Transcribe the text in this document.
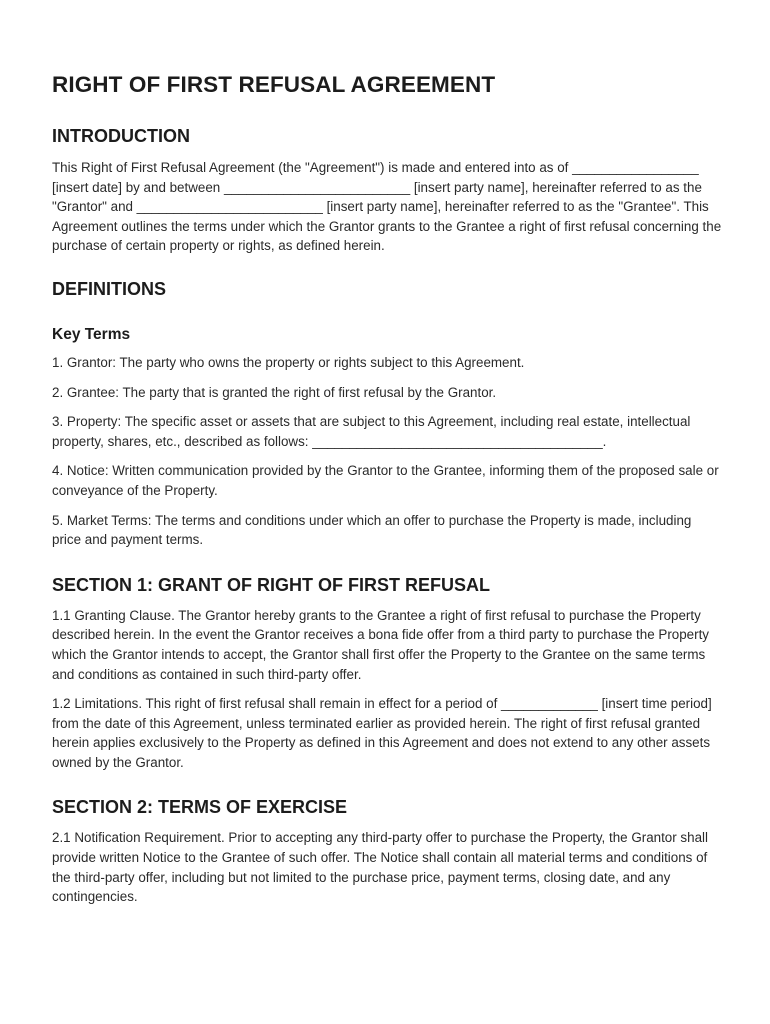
RIGHT OF FIRST REFUSAL AGREEMENT
INTRODUCTION

This Right of First Refusal Agreement (the "Agreement") is made and entered into as of _________________ [insert date] by and between _________________________ [insert party name], hereinafter referred to as the "Grantor" and _________________________ [insert party name], hereinafter referred to as the "Grantee". This Agreement outlines the terms under which the Grantor grants to the Grantee a right of first refusal concerning the purchase of certain property or rights, as defined herein.

DEFINITIONS
Key Terms

1. Grantor: The party who owns the property or rights subject to this Agreement.

2. Grantee: The party that is granted the right of first refusal by the Grantor.

3. Property: The specific asset or assets that are subject to this Agreement, including real estate, intellectual property, shares, etc., described as follows: _______________________________________.

4. Notice: Written communication provided by the Grantor to the Grantee, informing them of the proposed sale or conveyance of the Property.

5. Market Terms: The terms and conditions under which an offer to purchase the Property is made, including price and payment terms.

SECTION 1: GRANT OF RIGHT OF FIRST REFUSAL

1.1 Granting Clause. The Grantor hereby grants to the Grantee a right of first refusal to purchase the Property described herein. In the event the Grantor receives a bona fide offer from a third party to purchase the Property which the Grantor intends to accept, the Grantor shall first offer the Property to the Grantee on the same terms and conditions as contained in such third-party offer.

1.2 Limitations. This right of first refusal shall remain in effect for a period of _____________ [insert time period] from the date of this Agreement, unless terminated earlier as provided herein. The right of first refusal granted herein applies exclusively to the Property as defined in this Agreement and does not extend to any other assets owned by the Grantor.

SECTION 2: TERMS OF EXERCISE

2.1 Notification Requirement. Prior to accepting any third-party offer to purchase the Property, the Grantor shall provide written Notice to the Grantee of such offer. The Notice shall contain all material terms and conditions of the third-party offer, including but not limited to the purchase price, payment terms, closing date, and any contingencies.
